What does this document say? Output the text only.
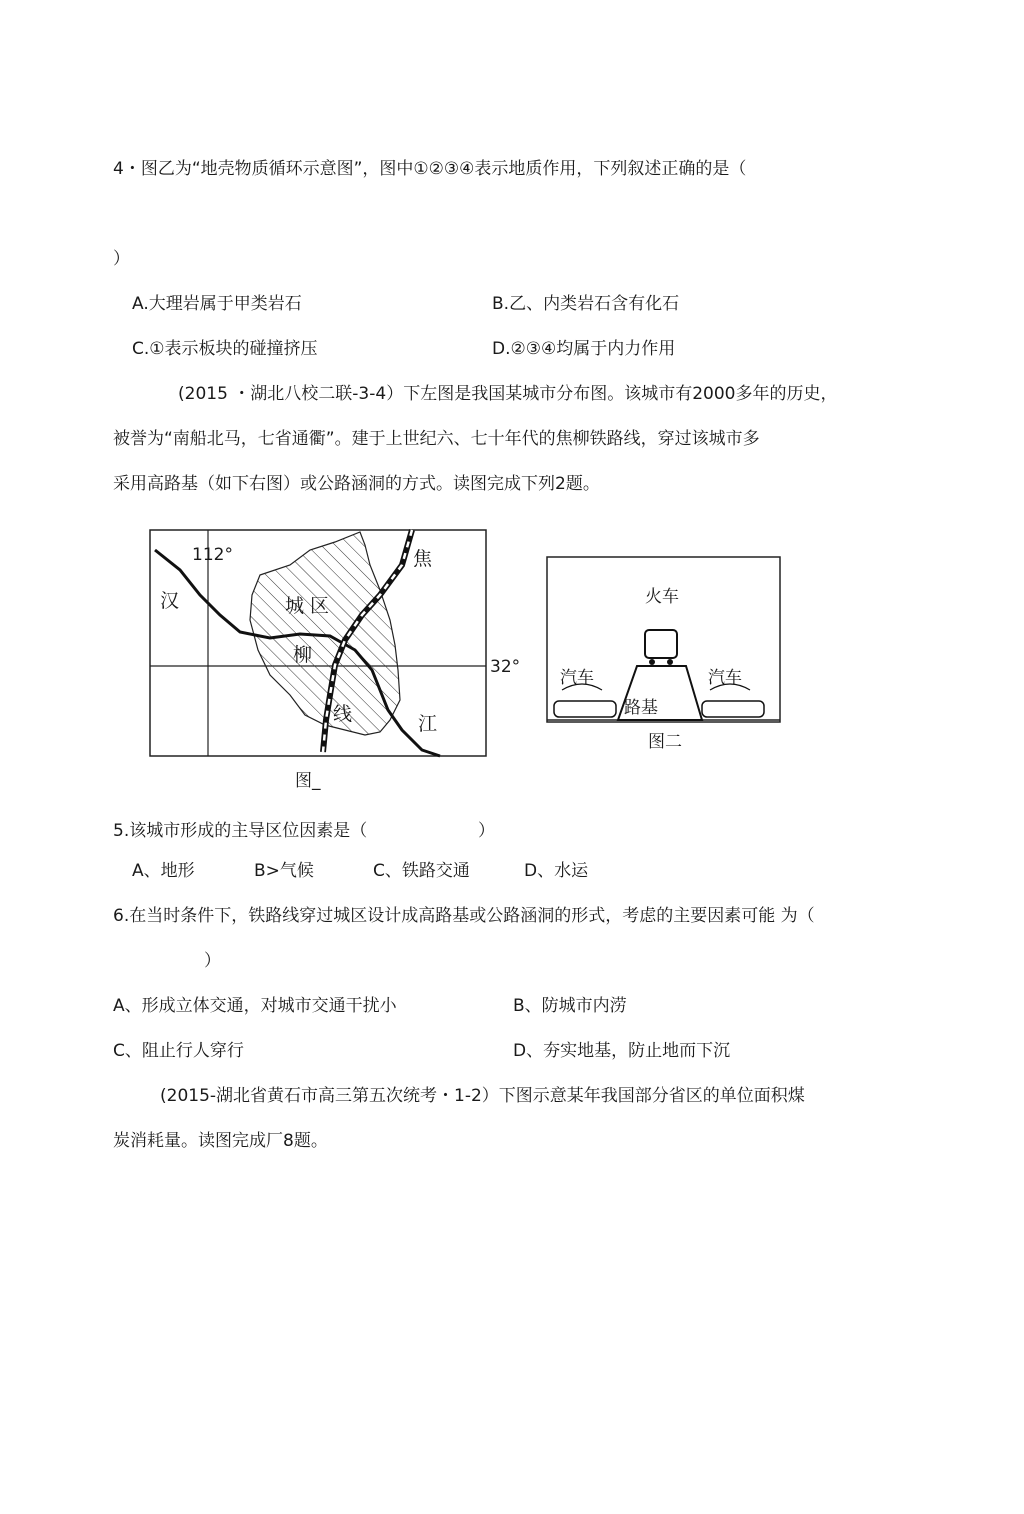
4・图乙为“地壳物质循环示意图”，图中①②③④表示地质作用，下列叙述正确的是（
）
A.大理岩属于甲类岩石	B.乙、内类岩石含有化石
C.①表示板块的碰撞挤压	D.②③④均属于内力作用
(2015 ・湖北八校二联-3-4）下左图是我国某城市分布图。该城市有2000多年的历史，
被誉为“南船北马，七省通衢”。建于上世纪六、七十年代的焦柳铁路线，穿过该城市多
采用高路基（如下右图）或公路涵洞的方式。读图完成下列2题。
112°
32°
汉
江
焦
城 区
柳
线
图_
火车
路基
汽车	汽车
图二
5.该城市形成的主导区位因素是（	）
A、地形	B>气候	C、铁路交通	D、水运
6.在当时条件下，铁路线穿过城区设计成高路基或公路涵洞的形式，考虑的主要因素可能 为（
）
A、形成立体交通，对城市交通干扰小	B、防城市内涝
C、阻止行人穿行	D、夯实地基，防止地而下沉
(2015-湖北省黄石市高三第五次统考・1-2）下图示意某年我国部分省区的单位面积煤
炭消耗量。读图完成厂8题。
